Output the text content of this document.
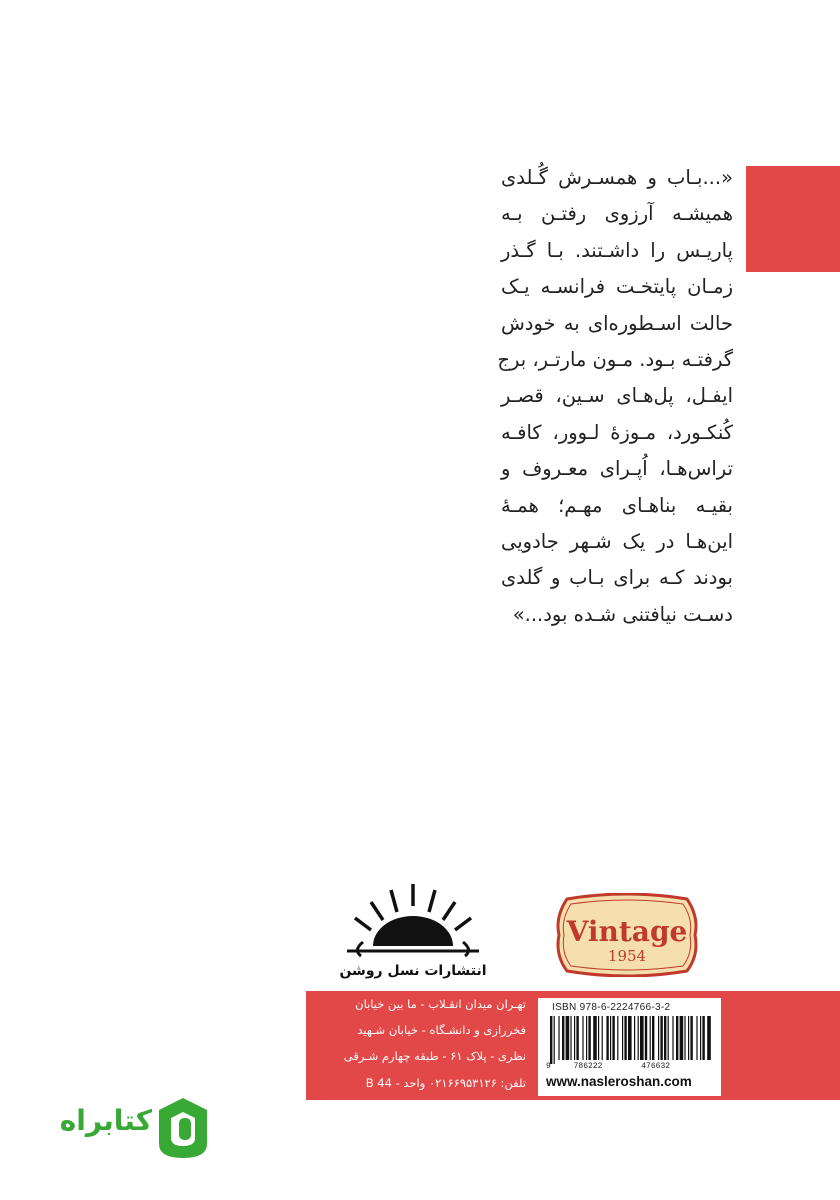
«...بـاب و همسـرش گُـلدی
همیشـه آرزوی رفتـن بـه
پاریـس را داشـتند. بـا گـذر
زمـان پایتخـت فرانسـه یـک
حالت اسـطوره‌ای به خودش
گرفتـه بـود. مـون مارتـر، برج
ایفـل، پل‌هـای سـین، قصـر
کُنکـورد، مـوزۀ لـوور، کافـه
تراس‌هـا، اُپـرای معـروف و
بقیـه بناهـای مهـم؛ همـۀ
این‌هـا در یک شـهر جادویی
بودند کـه برای بـاب و گلدی
دسـت نیافتنی شـده بود...»
Vintage
1954
انتشارات نسل روشن
تهـران میدان انقـلاب - ما بین خیابان
فخررازی و دانشـگاه - خیابان شـهید
نظری - پلاک ۶۱ - طبقه چهارم شـرقی
تلفن: ۰۲۱۶۶۹۵۳۱۲۶ واحد - B 44
ISBN 978-6-2224766-3-2
9	786222	476632
www.nasleroshan.com
کتابراه
